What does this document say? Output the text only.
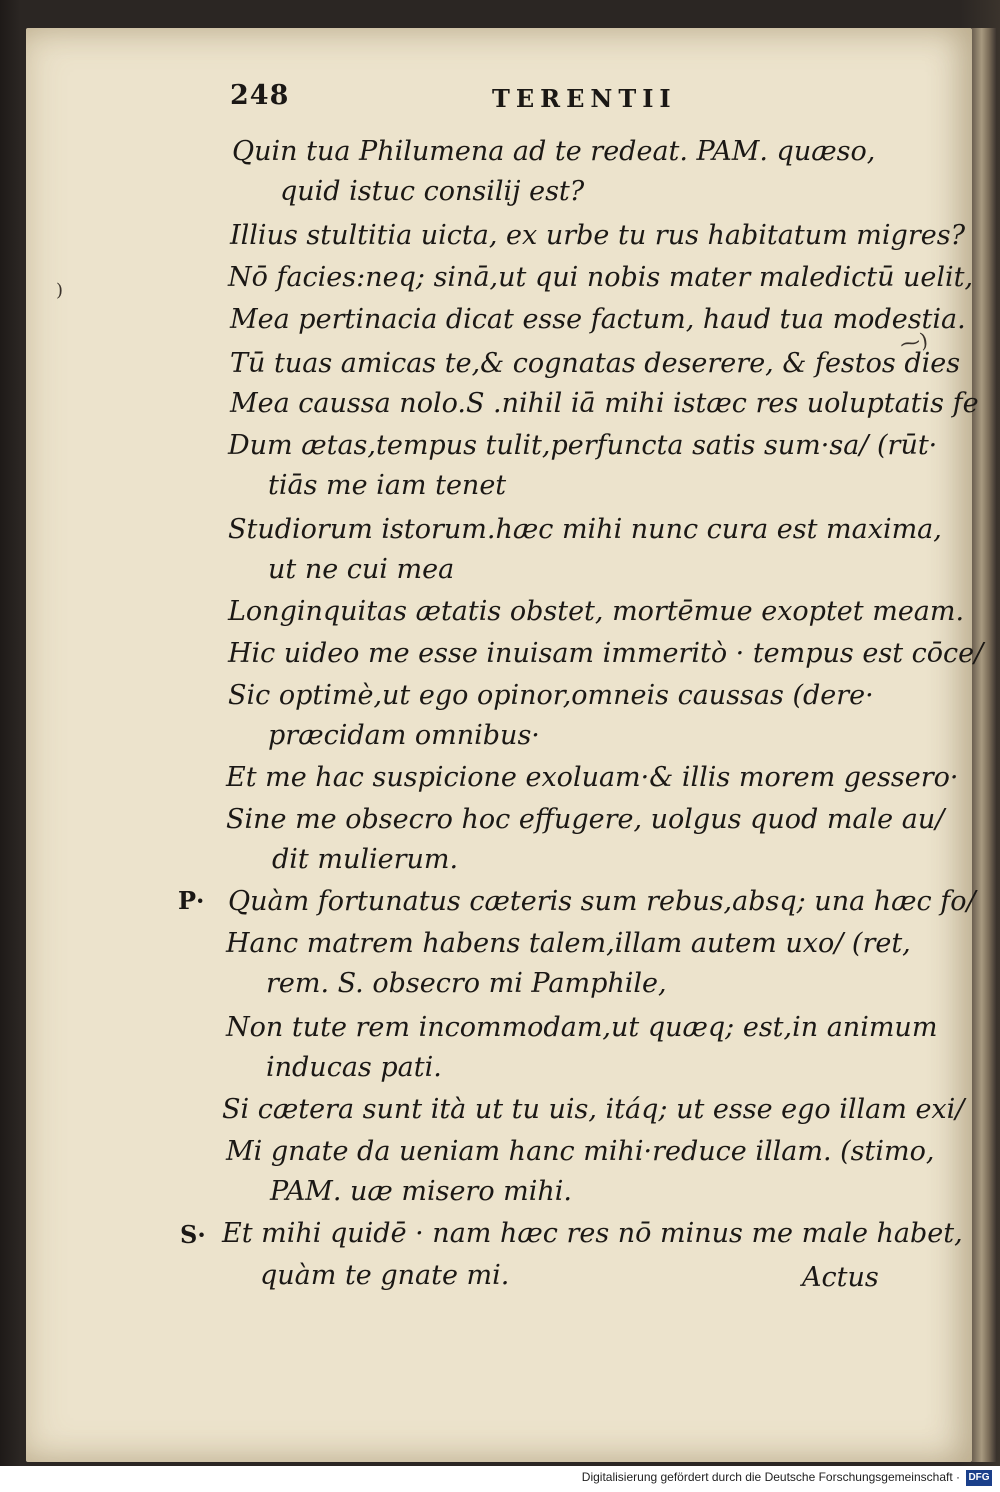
248	TERENTII
Quin tua Philumena ad te redeat. PAM. quæso,
quid istuc consilij est?
Illius stultitia uicta, ex urbe tu rus habitatum migres?
Nō facies:neq; sinā,ut qui nobis mater maledictū uelit,
Mea pertinacia dicat esse factum, haud tua modestia.
Tū tuas amicas te,& cognatas deserere, & festos dies
Mea caussa nolo.S .nihil iā mihi istæc res uoluptatis fe
Dum ætas,tempus tulit,perfuncta satis sum·sa/ (rūt·
tiās me iam tenet
Studiorum istorum.hæc mihi nunc cura est maxima,
ut ne cui mea
Longinquitas ætatis obstet, mortēmue exoptet meam.
Hic uideo me esse inuisam immeritò · tempus est cōce/
Sic optimè,ut ego opinor,omneis caussas (dere·
præcidam omnibus·
Et me hac suspicione exoluam·& illis morem gessero·
Sine me obsecro hoc effugere, uolgus quod male au/
dit mulierum.
P· Quàm fortunatus cæteris sum rebus,absq; una hæc fo/
Hanc matrem habens talem,illam autem uxo/ (ret,
rem. S. obsecro mi Pamphile,
Non tute rem incommodam,ut quæq; est,in animum
inducas pati.
Si cætera sunt ità ut tu uis, itáq; ut esse ego illam exi/
Mi gnate da ueniam hanc mihi·reduce illam. (stimo,
PAM. uæ misero mihi.
S· Et mihi quidē · nam hæc res nō minus me male habet,
quàm te gnate mi.	Actus
⁓)
)
Digitalisierung gefördert durch die Deutsche Forschungsgemeinschaft · DFG
